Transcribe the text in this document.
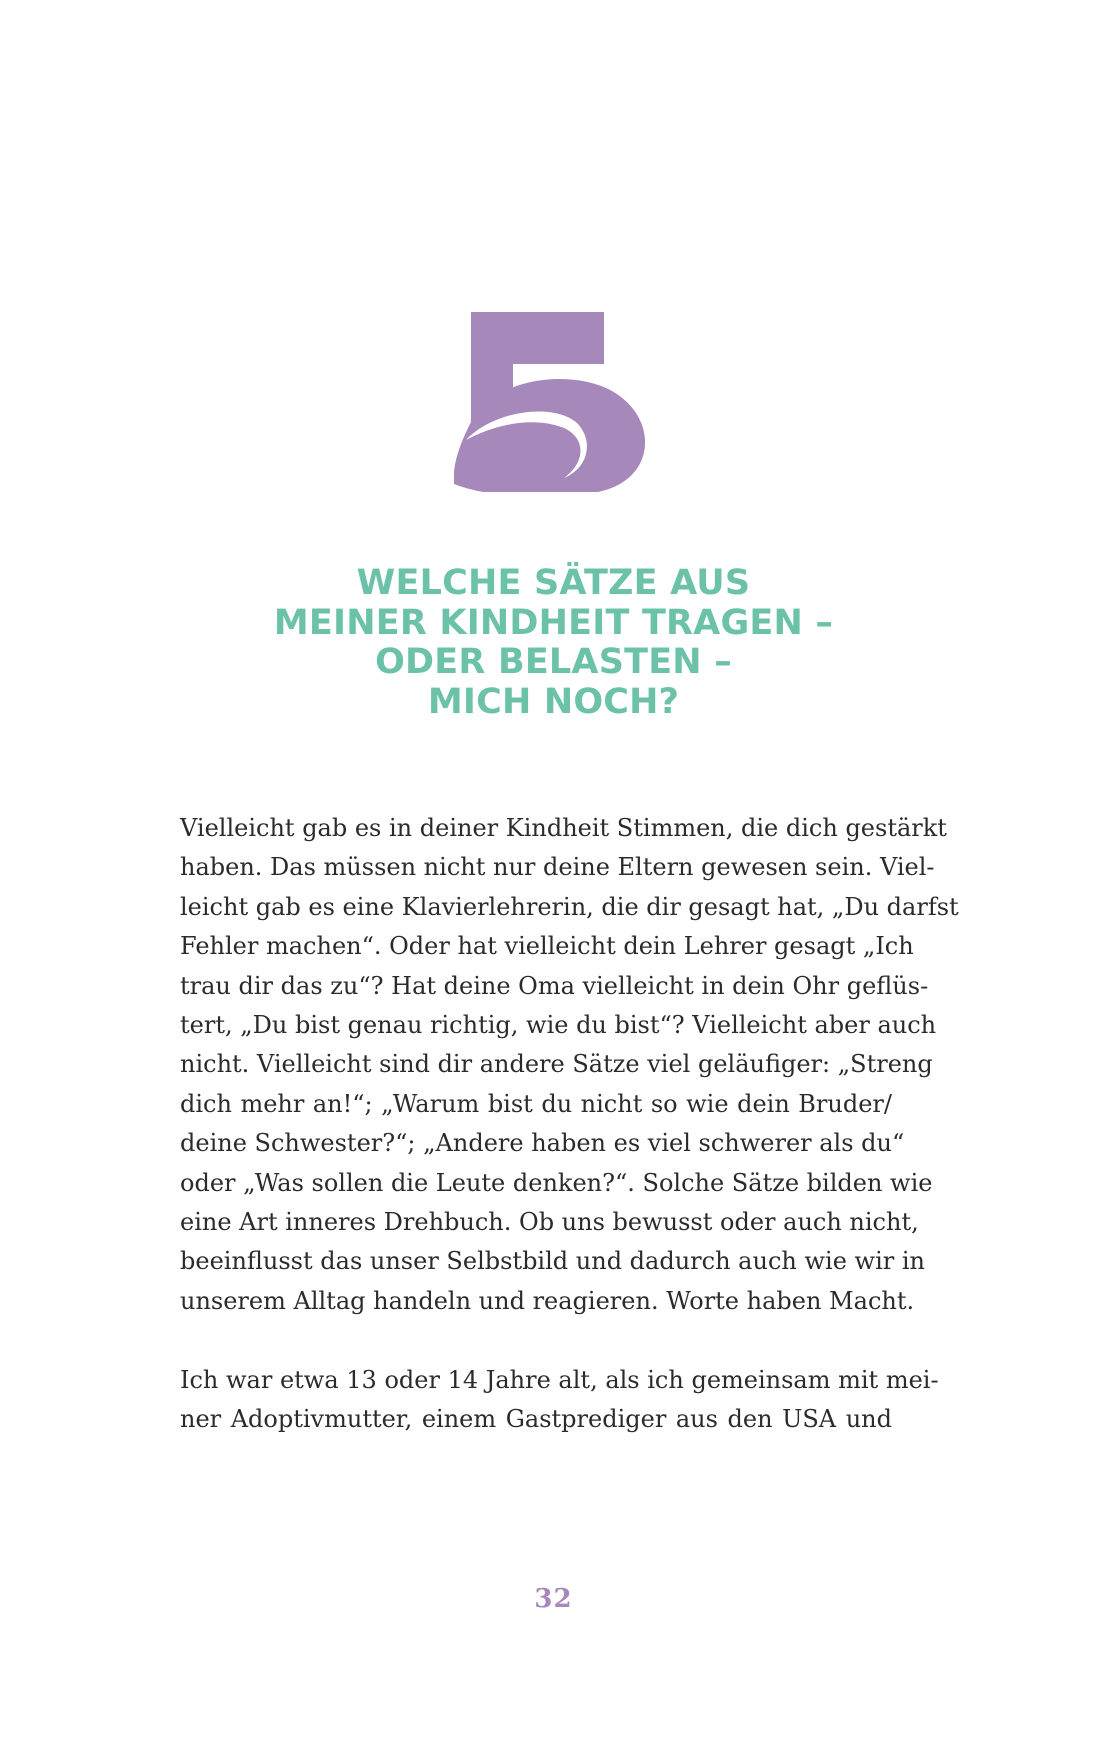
WELCHE SÄTZE AUS
MEINER KINDHEIT TRAGEN –
ODER BELASTEN –
MICH NOCH?
Vielleicht gab es in deiner Kindheit Stimmen, die dich gestärkt
haben. Das müssen nicht nur deine Eltern gewesen sein. Viel-
leicht gab es eine Klavierlehrerin, die dir gesagt hat, „Du darfst
Fehler machen“. Oder hat vielleicht dein Lehrer gesagt „Ich
trau dir das zu“? Hat deine Oma vielleicht in dein Ohr geflüs-
tert, „Du bist genau richtig, wie du bist“? Vielleicht aber auch
nicht. Vielleicht sind dir andere Sätze viel geläufiger: „Streng
dich mehr an!“; „Warum bist du nicht so wie dein Bruder/
deine Schwester?“; „Andere haben es viel schwerer als du“
oder „Was sollen die Leute denken?“. Solche Sätze bilden wie
eine Art inneres Drehbuch. Ob uns bewusst oder auch nicht,
beeinflusst das unser Selbstbild und dadurch auch wie wir in
unserem Alltag handeln und reagieren. Worte haben Macht.
Ich war etwa 13 oder 14 Jahre alt, als ich gemeinsam mit mei-
ner Adoptivmutter, einem Gastprediger aus den USA und
32
